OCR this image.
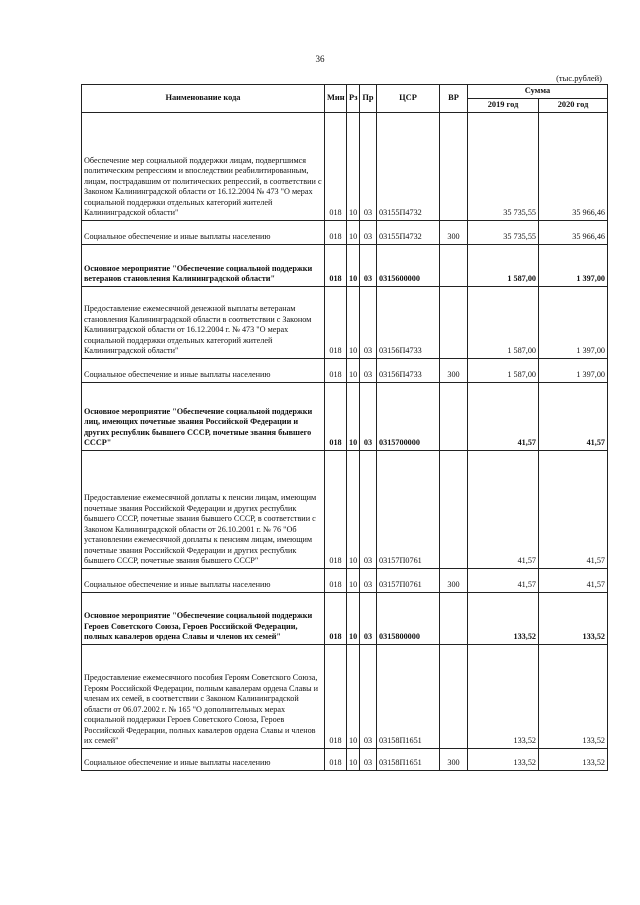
36
(тыс.рублей)
Наименование кода	Мин	Рз	Пр	ЦСР	ВР	Сумма	
						2019 год	2020 год
Обеспечение мер социальной поддержки лицам, подвергшимся политическим репрессиям и впоследствии реабилитированным, лицам, пострадавшим от политических репрессий, в соответствии с Законом Калининградской области от 16.12.2004 № 473 "О мерах социальной поддержки отдельных категорий жителей Калининградской области"	018	10	03	03155П4732		35 735,55	35 966,46
Социальное обеспечение и иные выплаты населению	018	10	03	03155П4732	300	35 735,55	35 966,46
Основное мероприятие "Обеспечение социальной поддержки ветеранов становления Калининградской области"	018	10	03	0315600000		1 587,00	1 397,00
Предоставление ежемесячной денежной выплаты ветеранам становления Калининградской области в соответствии с Законом Калининградской области от 16.12.2004 г. № 473 "О мерах социальной поддержки отдельных категорий жителей Калининградской области"	018	10	03	03156П4733		1 587,00	1 397,00
Социальное обеспечение и иные выплаты населению	018	10	03	03156П4733	300	1 587,00	1 397,00
Основное мероприятие "Обеспечение социальной поддержки лиц, имеющих почетные звания Российской Федерации и других республик бывшего СССР, почетные звания бывшего СССР"	018	10	03	0315700000		41,57	41,57
Предоставление ежемесячной доплаты к пенсии лицам, имеющим почетные звания Российской Федерации и других республик бывшего СССР, почетные звания бывшего СССР, в соответствии с Законом Калининградской области от 26.10.2001 г. № 76 "Об установлении ежемесячной доплаты к пенсиям лицам, имеющим почетные звания Российской Федерации и других республик бывшего СССР, почетные звания бывшего СССР"	018	10	03	03157П0761		41,57	41,57
Социальное обеспечение и иные выплаты населению	018	10	03	03157П0761	300	41,57	41,57
Основное мероприятие "Обеспечение социальной поддержки Героев Советского Союза, Героев Российской Федерации, полных кавалеров ордена Славы и членов их семей"	018	10	03	0315800000		133,52	133,52
Предоставление ежемесячного пособия Героям Советского Союза, Героям Российской Федерации, полным кавалерам ордена Славы и членам их семей, в соответствии с Законом Калининградской области от 06.07.2002 г. № 165 "О дополнительных мерах социальной поддержки Героев Советского Союза, Героев Российской Федерации, полных кавалеров ордена Славы и членов их семей"	018	10	03	03158П1651		133,52	133,52
Социальное обеспечение и иные выплаты населению	018	10	03	03158П1651	300	133,52	133,52
